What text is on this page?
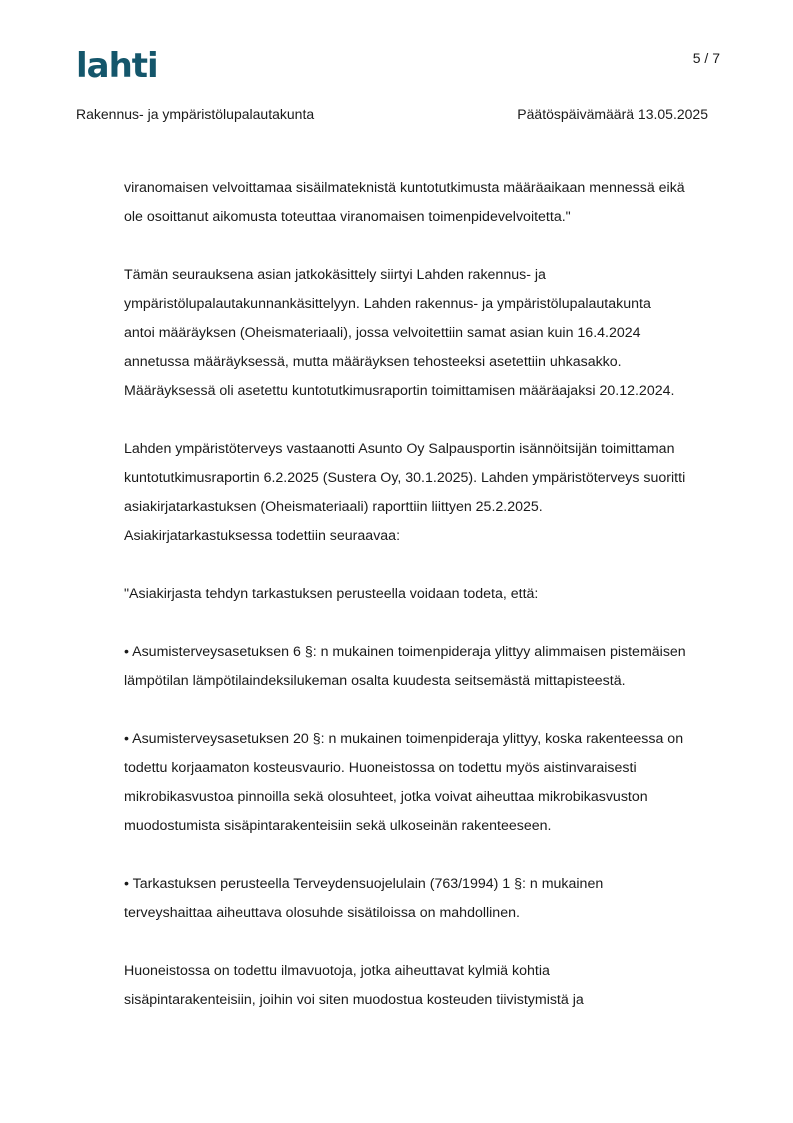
lahti	5 / 7
Rakennus- ja ympäristölupalautakunta	Päätöspäivämäärä 13.05.2025

viranomaisen velvoittamaa sisäilmateknistä kuntotutkimusta määräaikaan mennessä eikä
ole osoittanut aikomusta toteuttaa viranomaisen toimenpidevelvoitetta."

Tämän seurauksena asian jatkokäsittely siirtyi Lahden rakennus- ja
ympäristölupalautakunnankäsittelyyn. Lahden rakennus- ja ympäristölupalautakunta
antoi määräyksen (Oheismateriaali), jossa velvoitettiin samat asian kuin 16.4.2024
annetussa määräyksessä, mutta määräyksen tehosteeksi asetettiin uhkasakko.
Määräyksessä oli asetettu kuntotutkimusraportin toimittamisen määräajaksi 20.12.2024.

Lahden ympäristöterveys vastaanotti Asunto Oy Salpausportin isännöitsijän toimittaman
kuntotutkimusraportin 6.2.2025 (Sustera Oy, 30.1.2025). Lahden ympäristöterveys suoritti
asiakirjatarkastuksen (Oheismateriaali) raporttiin liittyen 25.2.2025.
Asiakirjatarkastuksessa todettiin seuraavaa:

"Asiakirjasta tehdyn tarkastuksen perusteella voidaan todeta, että:

• Asumisterveysasetuksen 6 §: n mukainen toimenpideraja ylittyy alimmaisen pistemäisen
lämpötilan lämpötilaindeksilukeman osalta kuudesta seitsemästä mittapisteestä.

• Asumisterveysasetuksen 20 §: n mukainen toimenpideraja ylittyy, koska rakenteessa on
todettu korjaamaton kosteusvaurio. Huoneistossa on todettu myös aistinvaraisesti
mikrobikasvustoa pinnoilla sekä olosuhteet, jotka voivat aiheuttaa mikrobikasvuston
muodostumista sisäpintarakenteisiin sekä ulkoseinän rakenteeseen.

• Tarkastuksen perusteella Terveydensuojelulain (763/1994) 1 §: n mukainen
terveyshaittaa aiheuttava olosuhde sisätiloissa on mahdollinen.

Huoneistossa on todettu ilmavuotoja, jotka aiheuttavat kylmiä kohtia
sisäpintarakenteisiin, joihin voi siten muodostua kosteuden tiivistymistä ja
